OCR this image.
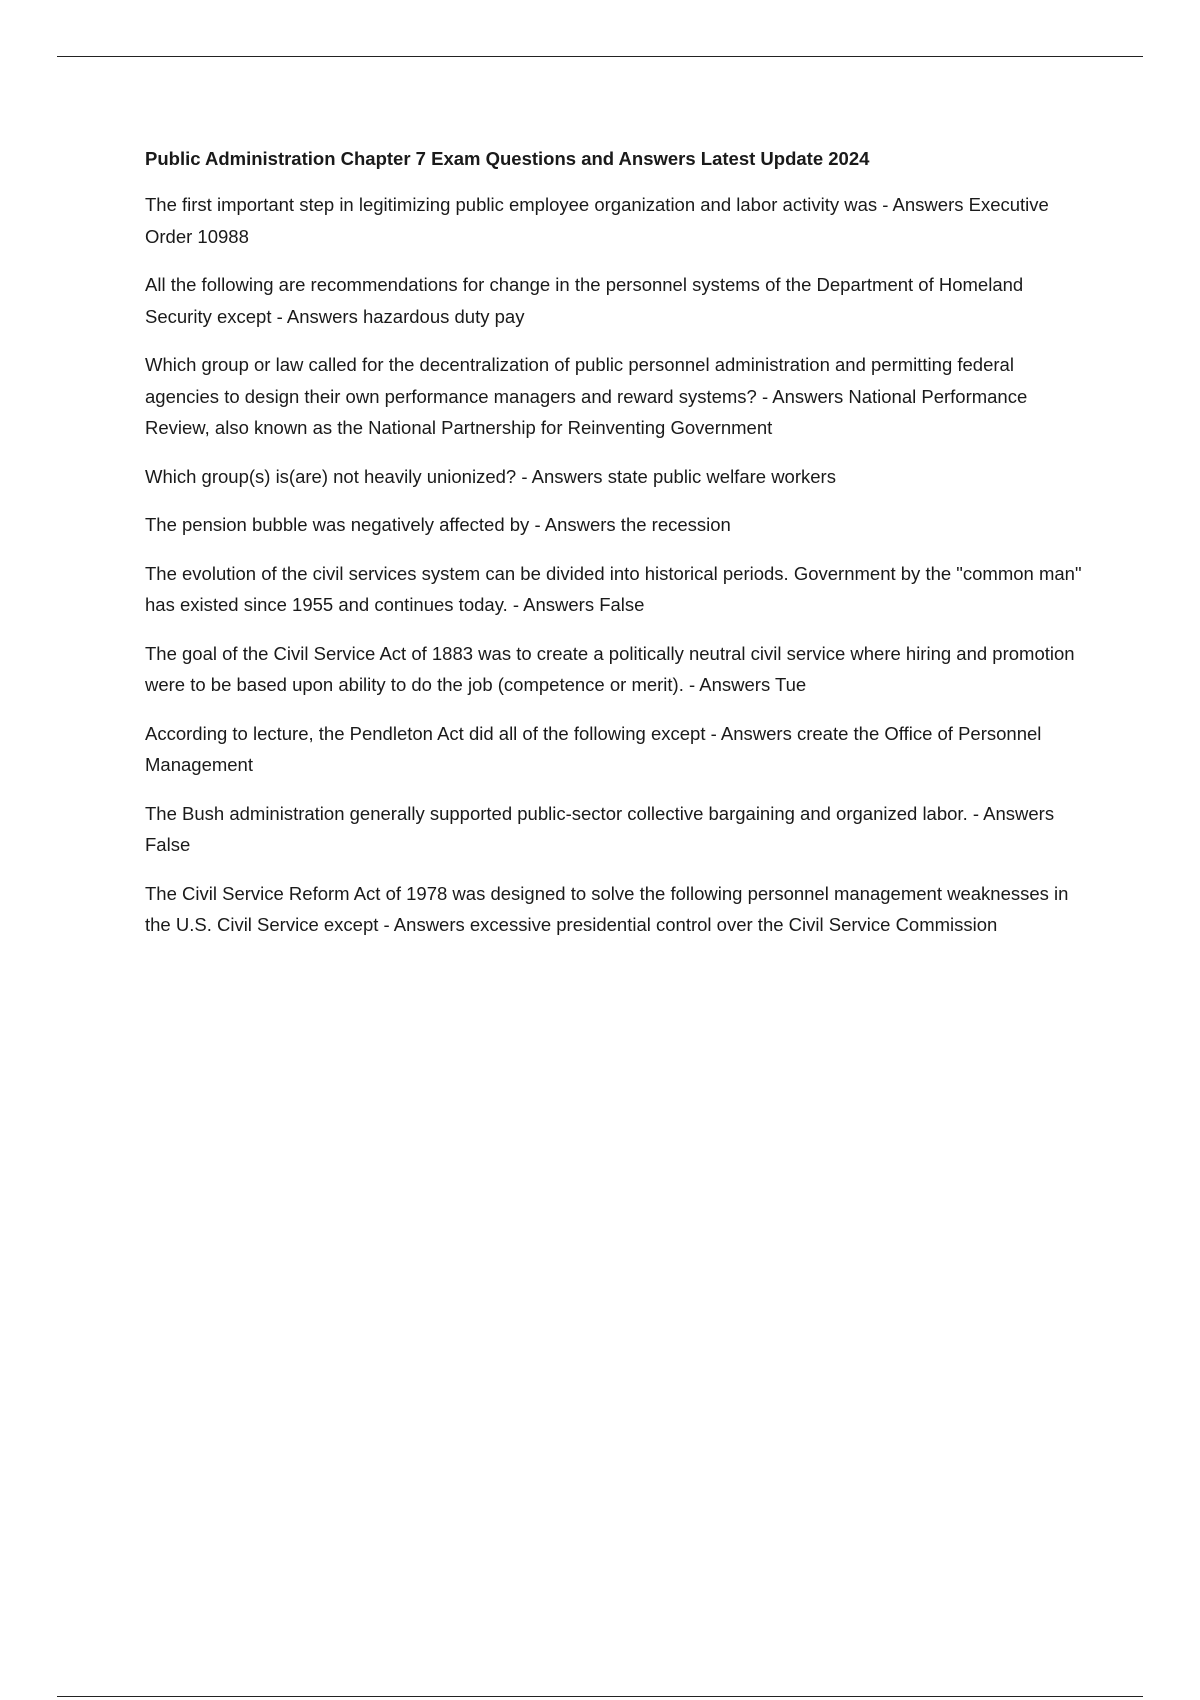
Public Administration Chapter 7 Exam Questions and Answers Latest Update 2024

The first important step in legitimizing public employee organization and labor activity was - Answers Executive Order 10988

All the following are recommendations for change in the personnel systems of the Department of Homeland Security except - Answers hazardous duty pay

Which group or law called for the decentralization of public personnel administration and permitting federal agencies to design their own performance managers and reward systems? - Answers National Performance Review, also known as the National Partnership for Reinventing Government

Which group(s) is(are) not heavily unionized? - Answers state public welfare workers

The pension bubble was negatively affected by - Answers the recession

The evolution of the civil services system can be divided into historical periods. Government by the "common man" has existed since 1955 and continues today. - Answers False

The goal of the Civil Service Act of 1883 was to create a politically neutral civil service where hiring and promotion were to be based upon ability to do the job (competence or merit). - Answers Tue

According to lecture, the Pendleton Act did all of the following except - Answers create the Office of Personnel Management

The Bush administration generally supported public-sector collective bargaining and organized labor. - Answers False

The Civil Service Reform Act of 1978 was designed to solve the following personnel management weaknesses in the U.S. Civil Service except - Answers excessive presidential control over the Civil Service Commission
